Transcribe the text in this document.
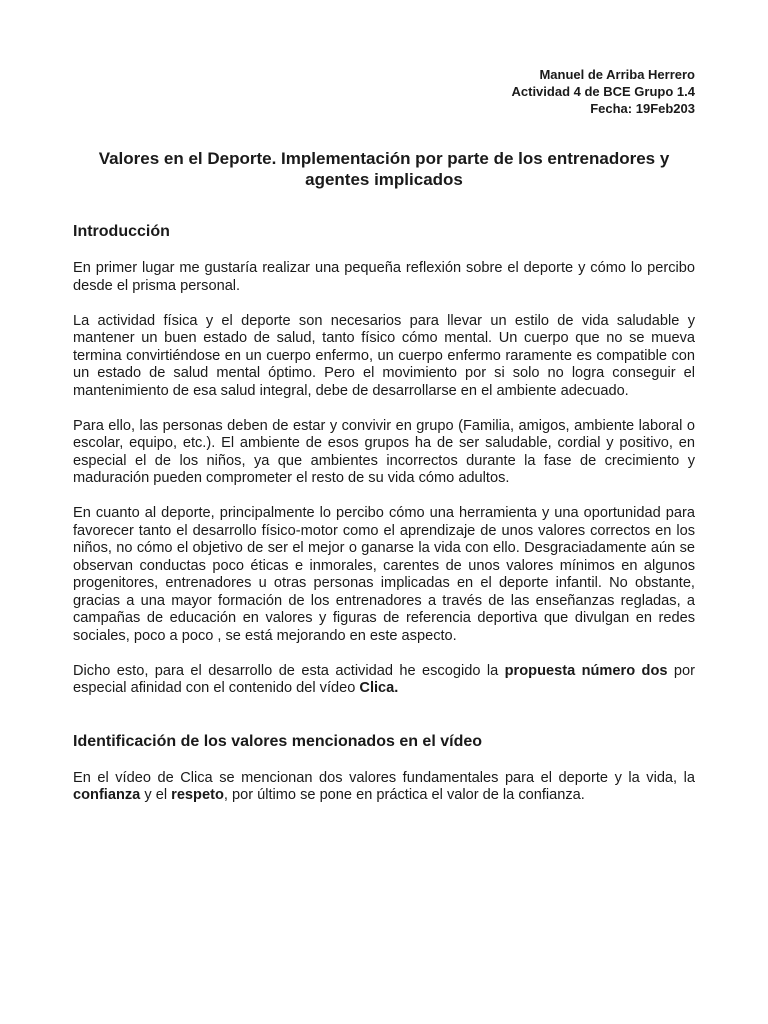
Manuel de Arriba Herrero
Actividad 4 de BCE Grupo 1.4
Fecha: 19Feb203
Valores en el Deporte. Implementación por parte de los entrenadores y agentes implicados
Introducción

En primer lugar me gustaría realizar una pequeña reflexión sobre el deporte y cómo lo percibo desde el prisma personal.

La actividad física y el deporte son necesarios para llevar un estilo de vida saludable y mantener un buen estado de salud, tanto físico cómo mental. Un cuerpo que no se mueva termina convirtiéndose en un cuerpo enfermo, un cuerpo enfermo raramente es compatible con un estado de salud mental óptimo. Pero el movimiento por si solo no logra conseguir el mantenimiento de esa salud integral, debe de desarrollarse en el ambiente adecuado.

Para ello, las personas deben de estar y convivir en grupo (Familia, amigos, ambiente laboral o escolar, equipo, etc.). El ambiente de esos grupos ha de ser saludable, cordial y positivo, en especial el de los niños, ya que ambientes incorrectos durante la fase de crecimiento y maduración pueden comprometer el resto de su vida cómo adultos.

En cuanto al deporte, principalmente lo percibo cómo una herramienta y una oportunidad para favorecer tanto el desarrollo físico-motor como el aprendizaje de unos valores correctos en los niños, no cómo el objetivo de ser el mejor o ganarse la vida con ello. Desgraciadamente aún se observan conductas poco éticas e inmorales, carentes de unos valores mínimos en algunos progenitores, entrenadores u otras personas implicadas en el deporte infantil. No obstante, gracias a una mayor formación de los entrenadores a través de las enseñanzas regladas, a campañas de educación en valores y figuras de referencia deportiva que divulgan en redes sociales, poco a poco , se está mejorando en este aspecto.

Dicho esto, para el desarrollo de esta actividad he escogido la propuesta número dos por especial afinidad con el contenido del vídeo Clica.

Identificación de los valores mencionados en el vídeo

En el vídeo de Clica se mencionan dos valores fundamentales para el deporte y la vida, la confianza y el respeto, por último se pone en práctica el valor de la confianza.
